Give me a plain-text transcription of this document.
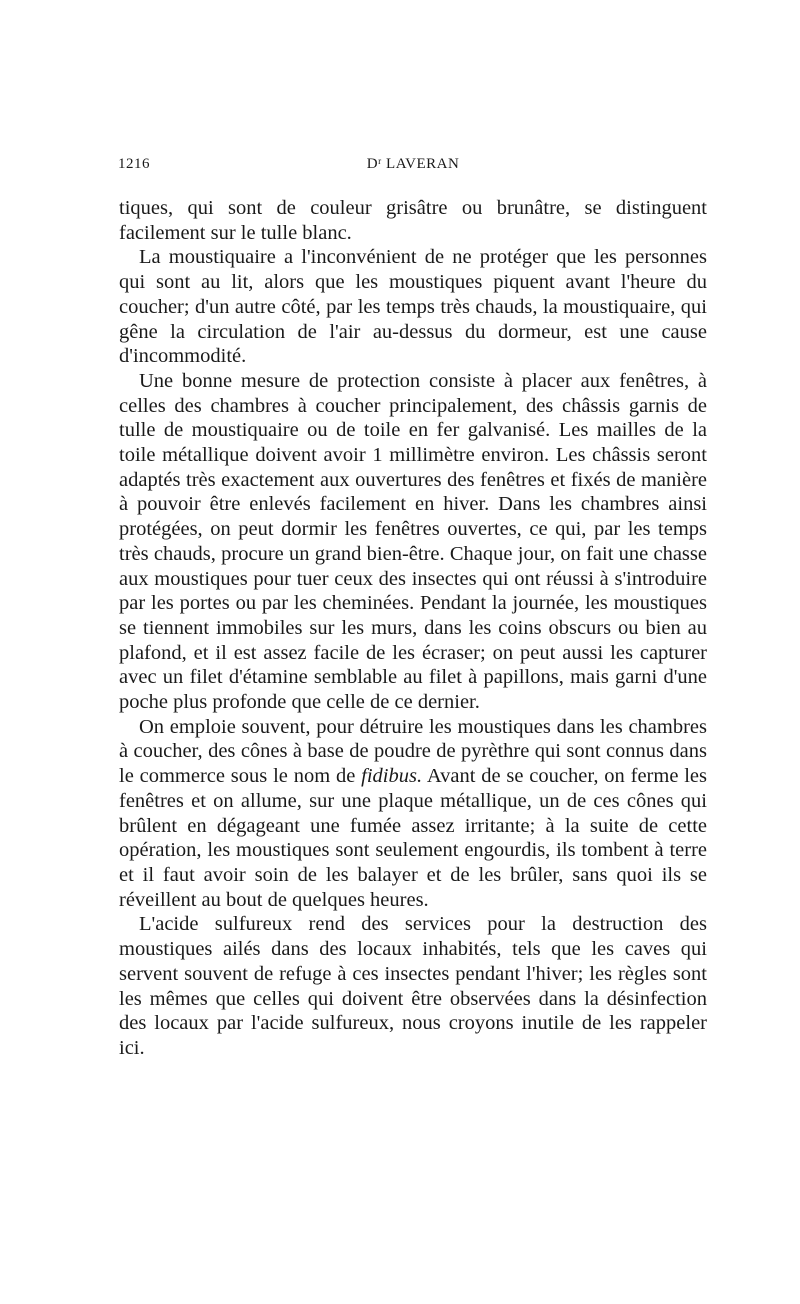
1216	Dʳ LAVERAN

tiques, qui sont de couleur grisâtre ou brunâtre, se distinguent facilement sur le tulle blanc.

La moustiquaire a l'inconvénient de ne protéger que les personnes qui sont au lit, alors que les moustiques piquent avant l'heure du coucher; d'un autre côté, par les temps très chauds, la moustiquaire, qui gêne la circulation de l'air au-dessus du dormeur, est une cause d'incommodité.

Une bonne mesure de protection consiste à placer aux fenêtres, à celles des chambres à coucher principalement, des châssis garnis de tulle de moustiquaire ou de toile en fer galvanisé. Les mailles de la toile métallique doivent avoir 1 millimètre environ. Les châssis seront adaptés très exactement aux ouvertures des fenêtres et fixés de manière à pouvoir être enlevés facilement en hiver. Dans les chambres ainsi protégées, on peut dormir les fenêtres ouvertes, ce qui, par les temps très chauds, procure un grand bien-être. Chaque jour, on fait une chasse aux moustiques pour tuer ceux des insectes qui ont réussi à s'introduire par les portes ou par les cheminées. Pendant la journée, les moustiques se tiennent immobiles sur les murs, dans les coins obscurs ou bien au plafond, et il est assez facile de les écraser; on peut aussi les capturer avec un filet d'étamine semblable au filet à papillons, mais garni d'une poche plus profonde que celle de ce dernier.

On emploie souvent, pour détruire les moustiques dans les chambres à coucher, des cônes à base de poudre de pyrèthre qui sont connus dans le commerce sous le nom de fidibus. Avant de se coucher, on ferme les fenêtres et on allume, sur une plaque métallique, un de ces cônes qui brûlent en dégageant une fumée assez irritante; à la suite de cette opération, les moustiques sont seulement engourdis, ils tombent à terre et il faut avoir soin de les balayer et de les brûler, sans quoi ils se réveillent au bout de quelques heures.

L'acide sulfureux rend des services pour la destruction des moustiques ailés dans des locaux inhabités, tels que les caves qui servent souvent de refuge à ces insectes pendant l'hiver; les règles sont les mêmes que celles qui doivent être observées dans la désinfection des locaux par l'acide sulfureux, nous croyons inutile de les rappeler ici.
